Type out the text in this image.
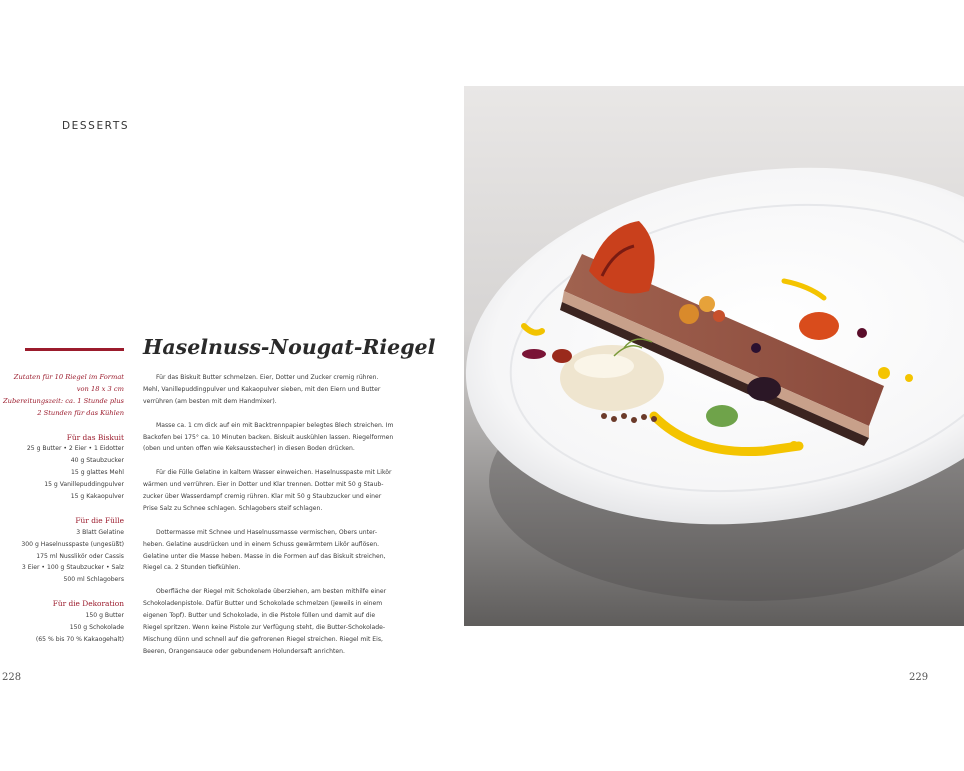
DESSERTS
Haselnuss-Nougat-Riegel
Zutaten für 10 Riegel im Format
von 18 x 3 cm
Zubereitungszeit: ca. 1 Stunde plus
2 Stunden für das Kühlen
Für das Biskuit
25 g Butter • 2 Eier • 1 Eidotter
40 g Staubzucker
15 g glattes Mehl
15 g Vanillepuddingpulver
15 g Kakaopulver
Für die Fülle
3 Blatt Gelatine
300 g Haselnusspaste (ungesüßt)
175 ml Nusslikör oder Cassis
3 Eier • 100 g Staubzucker • Salz
500 ml Schlagobers
Für die Dekoration
150 g Butter
150 g Schokolade
(65 % bis 70 % Kakaogehalt)
Für das Biskuit Butter schmelzen. Eier, Dotter und Zucker cremig rühren.
Mehl, Vanillepuddingpulver und Kakaopulver sieben, mit den Eiern und Butter
verrühren (am besten mit dem Handmixer).
Masse ca. 1 cm dick auf ein mit Backtrennpapier belegtes Blech streichen. Im
Backofen bei 175° ca. 10 Minuten backen. Biskuit auskühlen lassen. Riegelformen
(oben und unten offen wie Keksausstecher) in diesen Boden drücken.
Für die Fülle Gelatine in kaltem Wasser einweichen. Haselnusspaste mit Likör
wärmen und verrühren. Eier in Dotter und Klar trennen. Dotter mit 50 g Staub-
zucker über Wasserdampf cremig rühren. Klar mit 50 g Staubzucker und einer
Prise Salz zu Schnee schlagen. Schlagobers steif schlagen.
Dottermasse mit Schnee und Haselnussmasse vermischen, Obers unter-
heben. Gelatine ausdrücken und in einem Schuss gewärmtem Likör auflösen.
Gelatine unter die Masse heben. Masse in die Formen auf das Biskuit streichen,
Riegel ca. 2 Stunden tiefkühlen.
Oberfläche der Riegel mit Schokolade überziehen, am besten mithilfe einer
Schokoladenpistole. Dafür Butter und Schokolade schmelzen (jeweils in einem
eigenen Topf). Butter und Schokolade, in die Pistole füllen und damit auf die
Riegel spritzen. Wenn keine Pistole zur Verfügung steht, die Butter-Schokolade-
Mischung dünn und schnell auf die gefrorenen Riegel streichen. Riegel mit Eis,
Beeren, Orangensauce oder gebundenem Holundersaft anrichten.
228	229
